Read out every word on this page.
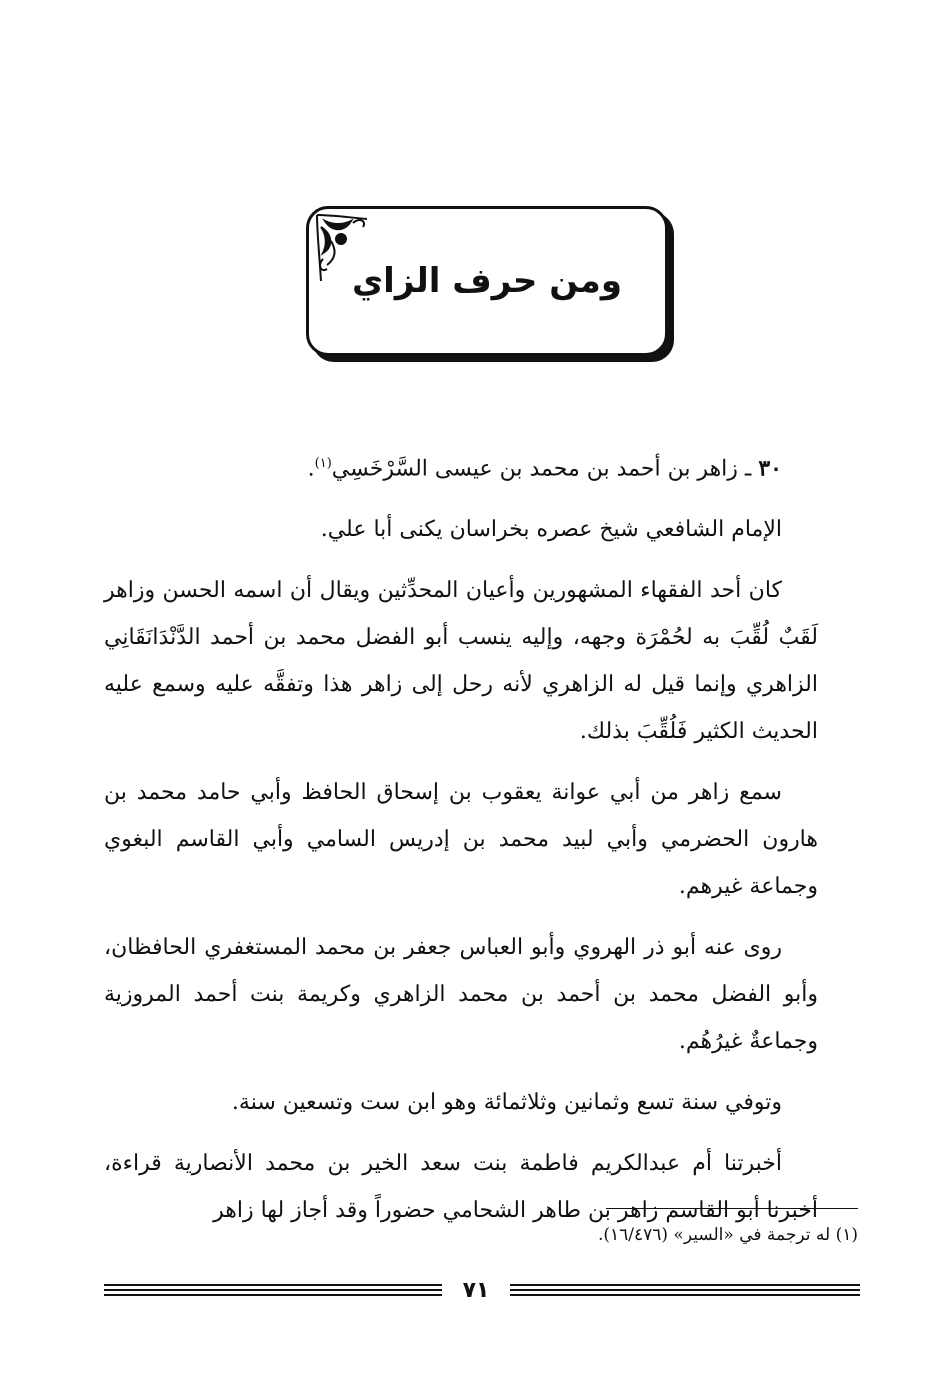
ومن حرف الزاي

٣٠ ـ زاهر بن أحمد بن محمد بن عيسى السَّرْخَسِي$^{(١)}$.

الإمام الشافعي شيخ عصره بخراسان يكنى أبا علي.

كان أحد الفقهاء المشهورين وأعيان المحدِّثين ويقال أن اسمه الحسن وزاهر لَقَبٌ لُقِّبَ به لحُمْرَة وجهه، وإليه ينسب أبو الفضل محمد بن أحمد الدَّنْدَانَقَانِي الزاهري وإنما قيل له الزاهري لأنه رحل إلى زاهر هذا وتفقَّه عليه وسمع عليه الحديث الكثير فَلُقِّبَ بذلك.

سمع زاهر من أبي عوانة يعقوب بن إسحاق الحافظ وأبي حامد محمد بن هارون الحضرمي وأبي لبيد محمد بن إدريس السامي وأبي القاسم البغوي وجماعة غيرهم.

روى عنه أبو ذر الهروي وأبو العباس جعفر بن محمد المستغفري الحافظان، وأبو الفضل محمد بن أحمد بن محمد الزاهري وكريمة بنت أحمد المروزية وجماعةٌ غيرُهُم.

وتوفي سنة تسع وثمانين وثلاثمائة وهو ابن ست وتسعين سنة.

أخبرتنا أم عبدالكريم فاطمة بنت سعد الخير بن محمد الأنصارية قراءة، أخبرنا أبو القاسم زاهر بن طاهر الشحامي حضوراً وقد أجاز لها زاهر

(١) له ترجمة في «السير» (١٦/٤٧٦).
٧١
